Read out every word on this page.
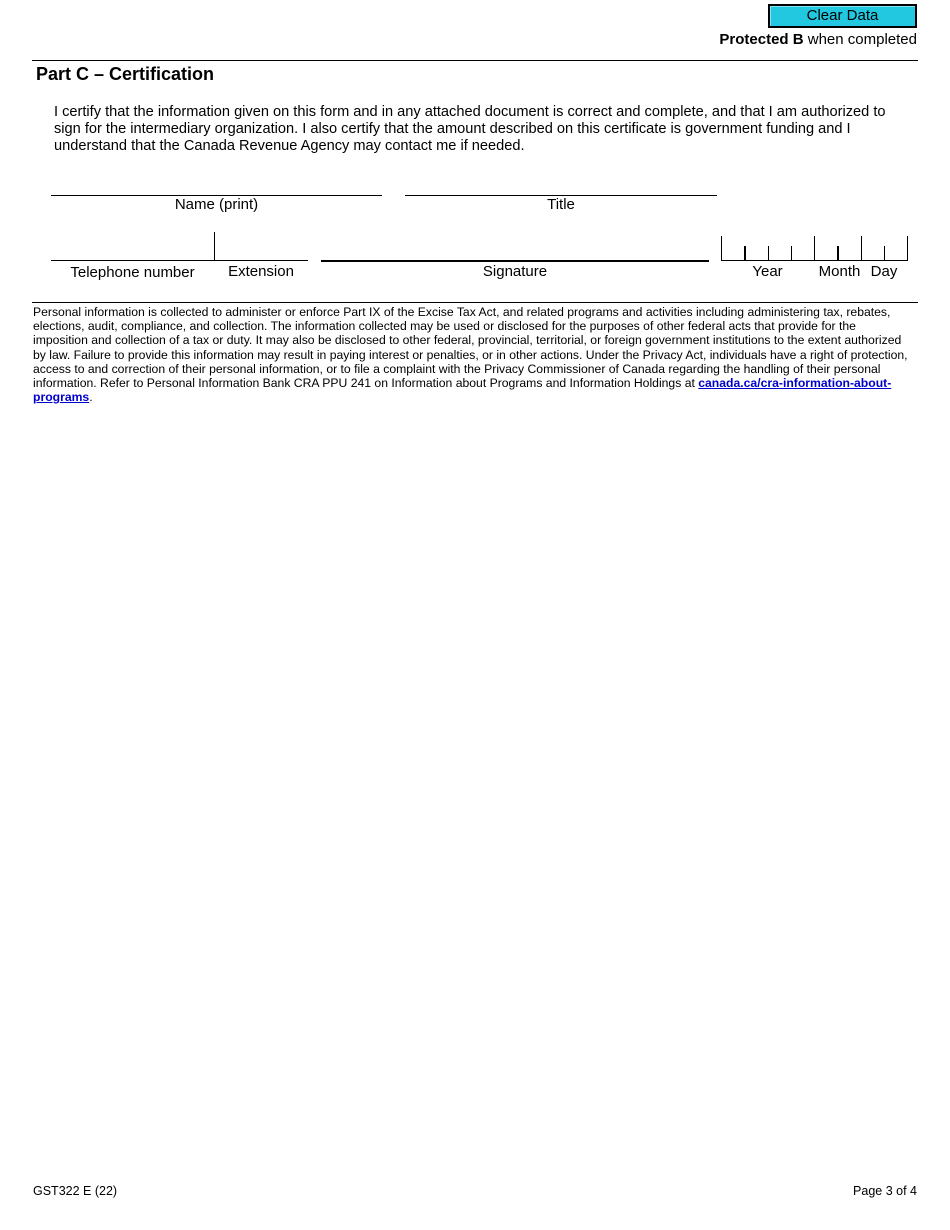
Clear Data
Protected B when completed
Part C – Certification
I certify that the information given on this form and in any attached document is correct and complete, and that I am authorized to sign for the intermediary organization. I also certify that the amount described on this certificate is government funding and I understand that the Canada Revenue Agency may contact me if needed.
Name (print)	Title
Telephone number	Extension	Signature	Year	Month Day
Personal information is collected to administer or enforce Part IX of the Excise Tax Act, and related programs and activities including administering tax, rebates, elections, audit, compliance, and collection. The information collected may be used or disclosed for the purposes of other federal acts that provide for the imposition and collection of a tax or duty. It may also be disclosed to other federal, provincial, territorial, or foreign government institutions to the extent authorized by law. Failure to provide this information may result in paying interest or penalties, or in other actions. Under the Privacy Act, individuals have a right of protection, access to and correction of their personal information, or to file a complaint with the Privacy Commissioner of Canada regarding the handling of their personal information. Refer to Personal Information Bank CRA PPU 241 on Information about Programs and Information Holdings at canada.ca/cra-information-about-programs.
GST322 E (22)	Page 3 of 4
